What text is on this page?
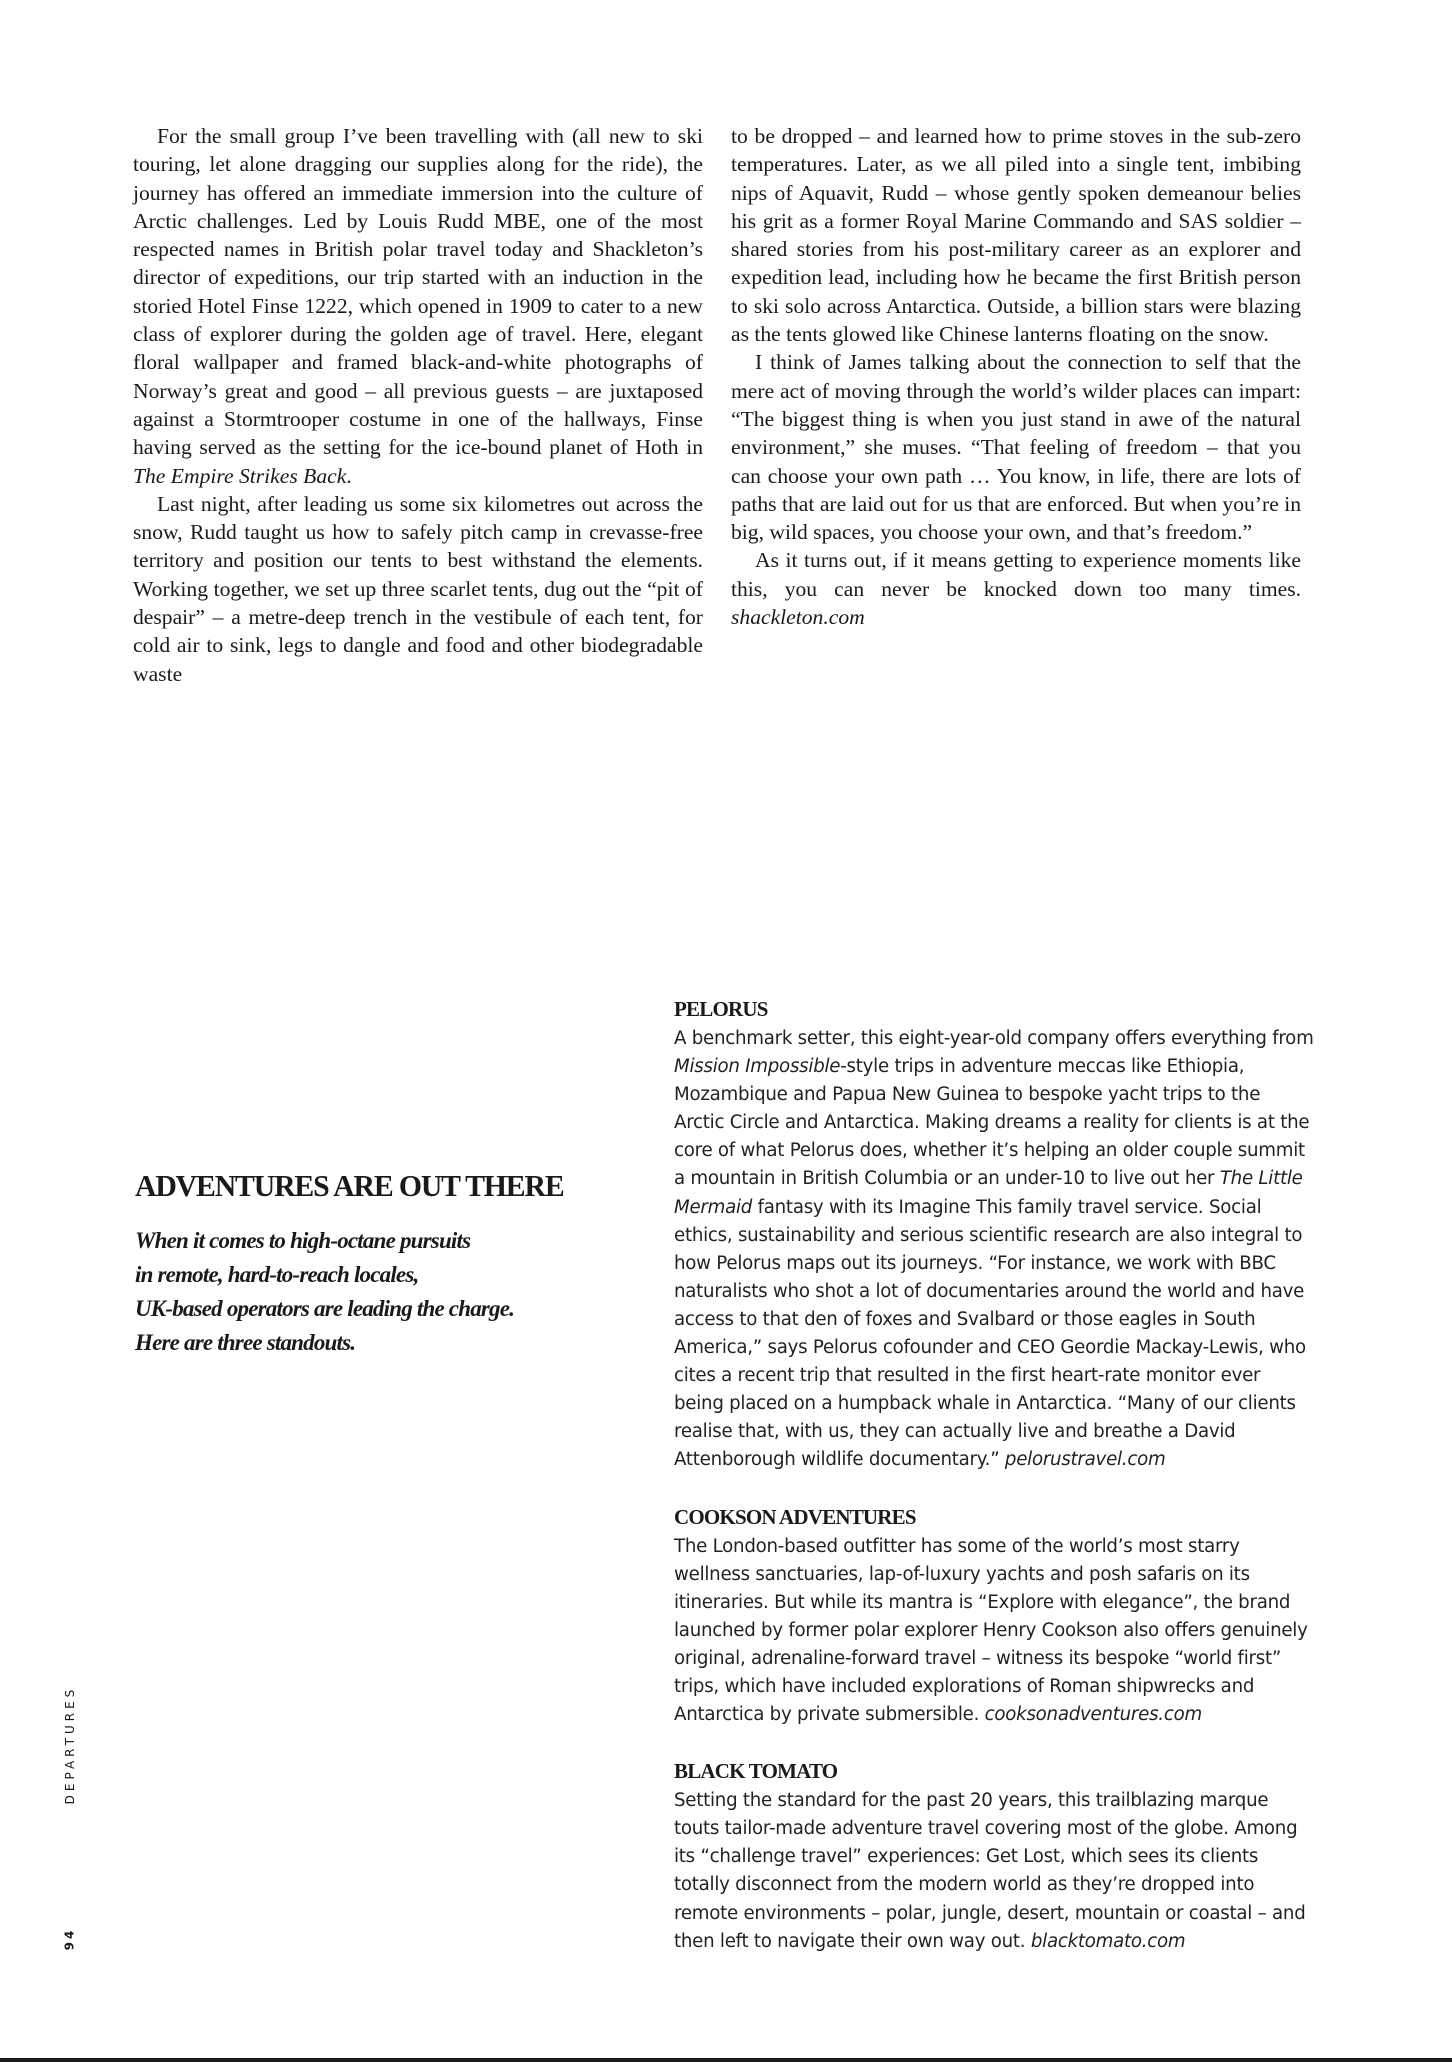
For the small group I’ve been travelling with (all new to ski touring, let alone dragging our supplies along for the ride), the journey has offered an immediate immersion into the culture of Arctic challenges. Led by Louis Rudd MBE, one of the most respected names in British polar travel today and Shackleton’s director of expeditions, our trip started with an induction in the storied Hotel Finse 1222, which opened in 1909 to cater to a new class of explorer during the golden age of travel. Here, elegant floral wallpaper and framed black-and-white photographs of Norway’s great and good – all previous guests – are juxtaposed against a Stormtrooper costume in one of the hallways, Finse having served as the setting for the ice-bound planet of Hoth in The Empire Strikes Back.

Last night, after leading us some six kilometres out across the snow, Rudd taught us how to safely pitch camp in crevasse-free territory and position our tents to best withstand the elements. Working together, we set up three scarlet tents, dug out the “pit of despair” – a metre-deep trench in the vestibule of each tent, for cold air to sink, legs to dangle and food and other biodegradable waste

to be dropped – and learned how to prime stoves in the sub-zero temperatures. Later, as we all piled into a single tent, imbibing nips of Aquavit, Rudd – whose gently spoken demeanour belies his grit as a former Royal Marine Commando and SAS soldier – shared stories from his post-military career as an explorer and expedition lead, including how he became the first British person to ski solo across Antarctica. Outside, a billion stars were blazing as the tents glowed like Chinese lanterns floating on the snow.

I think of James talking about the connection to self that the mere act of moving through the world’s wilder places can impart: “The biggest thing is when you just stand in awe of the natural environment,” she muses. “That feeling of freedom – that you can choose your own path … You know, in life, there are lots of paths that are laid out for us that are enforced. But when you’re in big, wild spaces, you choose your own, and that’s freedom.”

As it turns out, if it means getting to experience moments like this, you can never be knocked down too many times. shackleton.com

ADVENTURES ARE OUT THERE
When it comes to high-octane pursuits
in remote, hard-to-reach locales,
UK-based operators are leading the charge.
Here are three standouts.
PELORUS

A benchmark setter, this eight-year-old company offers everything from Mission Impossible-style trips in adventure meccas like Ethiopia, Mozambique and Papua New Guinea to bespoke yacht trips to the Arctic Circle and Antarctica. Making dreams a reality for clients is at the core of what Pelorus does, whether it’s helping an older couple summit a mountain in British Columbia or an under-10 to live out her The Little Mermaid fantasy with its Imagine This family travel service. Social ethics, sustainability and serious scientific research are also integral to how Pelorus maps out its journeys. “For instance, we work with BBC naturalists who shot a lot of documentaries around the world and have access to that den of foxes and Svalbard or those eagles in South America,” says Pelorus cofounder and CEO Geordie Mackay-Lewis, who cites a recent trip that resulted in the first heart-rate monitor ever being placed on a humpback whale in Antarctica. “Many of our clients realise that, with us, they can actually live and breathe a David Attenborough wildlife documentary.” pelorustravel.com

COOKSON ADVENTURES

The London-based outfitter has some of the world’s most starry wellness sanctuaries, lap-of-luxury yachts and posh safaris on its itineraries. But while its mantra is “Explore with elegance”, the brand launched by former polar explorer Henry Cookson also offers genuinely original, adrenaline-forward travel – witness its bespoke “world first” trips, which have included explorations of Roman shipwrecks and Antarctica by private submersible. cooksonadventures.com

BLACK TOMATO

Setting the standard for the past 20 years, this trailblazing marque touts tailor-made adventure travel covering most of the globe. Among its “challenge travel” experiences: Get Lost, which sees its clients totally disconnect from the modern world as they’re dropped into remote environments – polar, jungle, desert, mountain or coastal – and then left to navigate their own way out. blacktomato.com

DEPARTURES
94
